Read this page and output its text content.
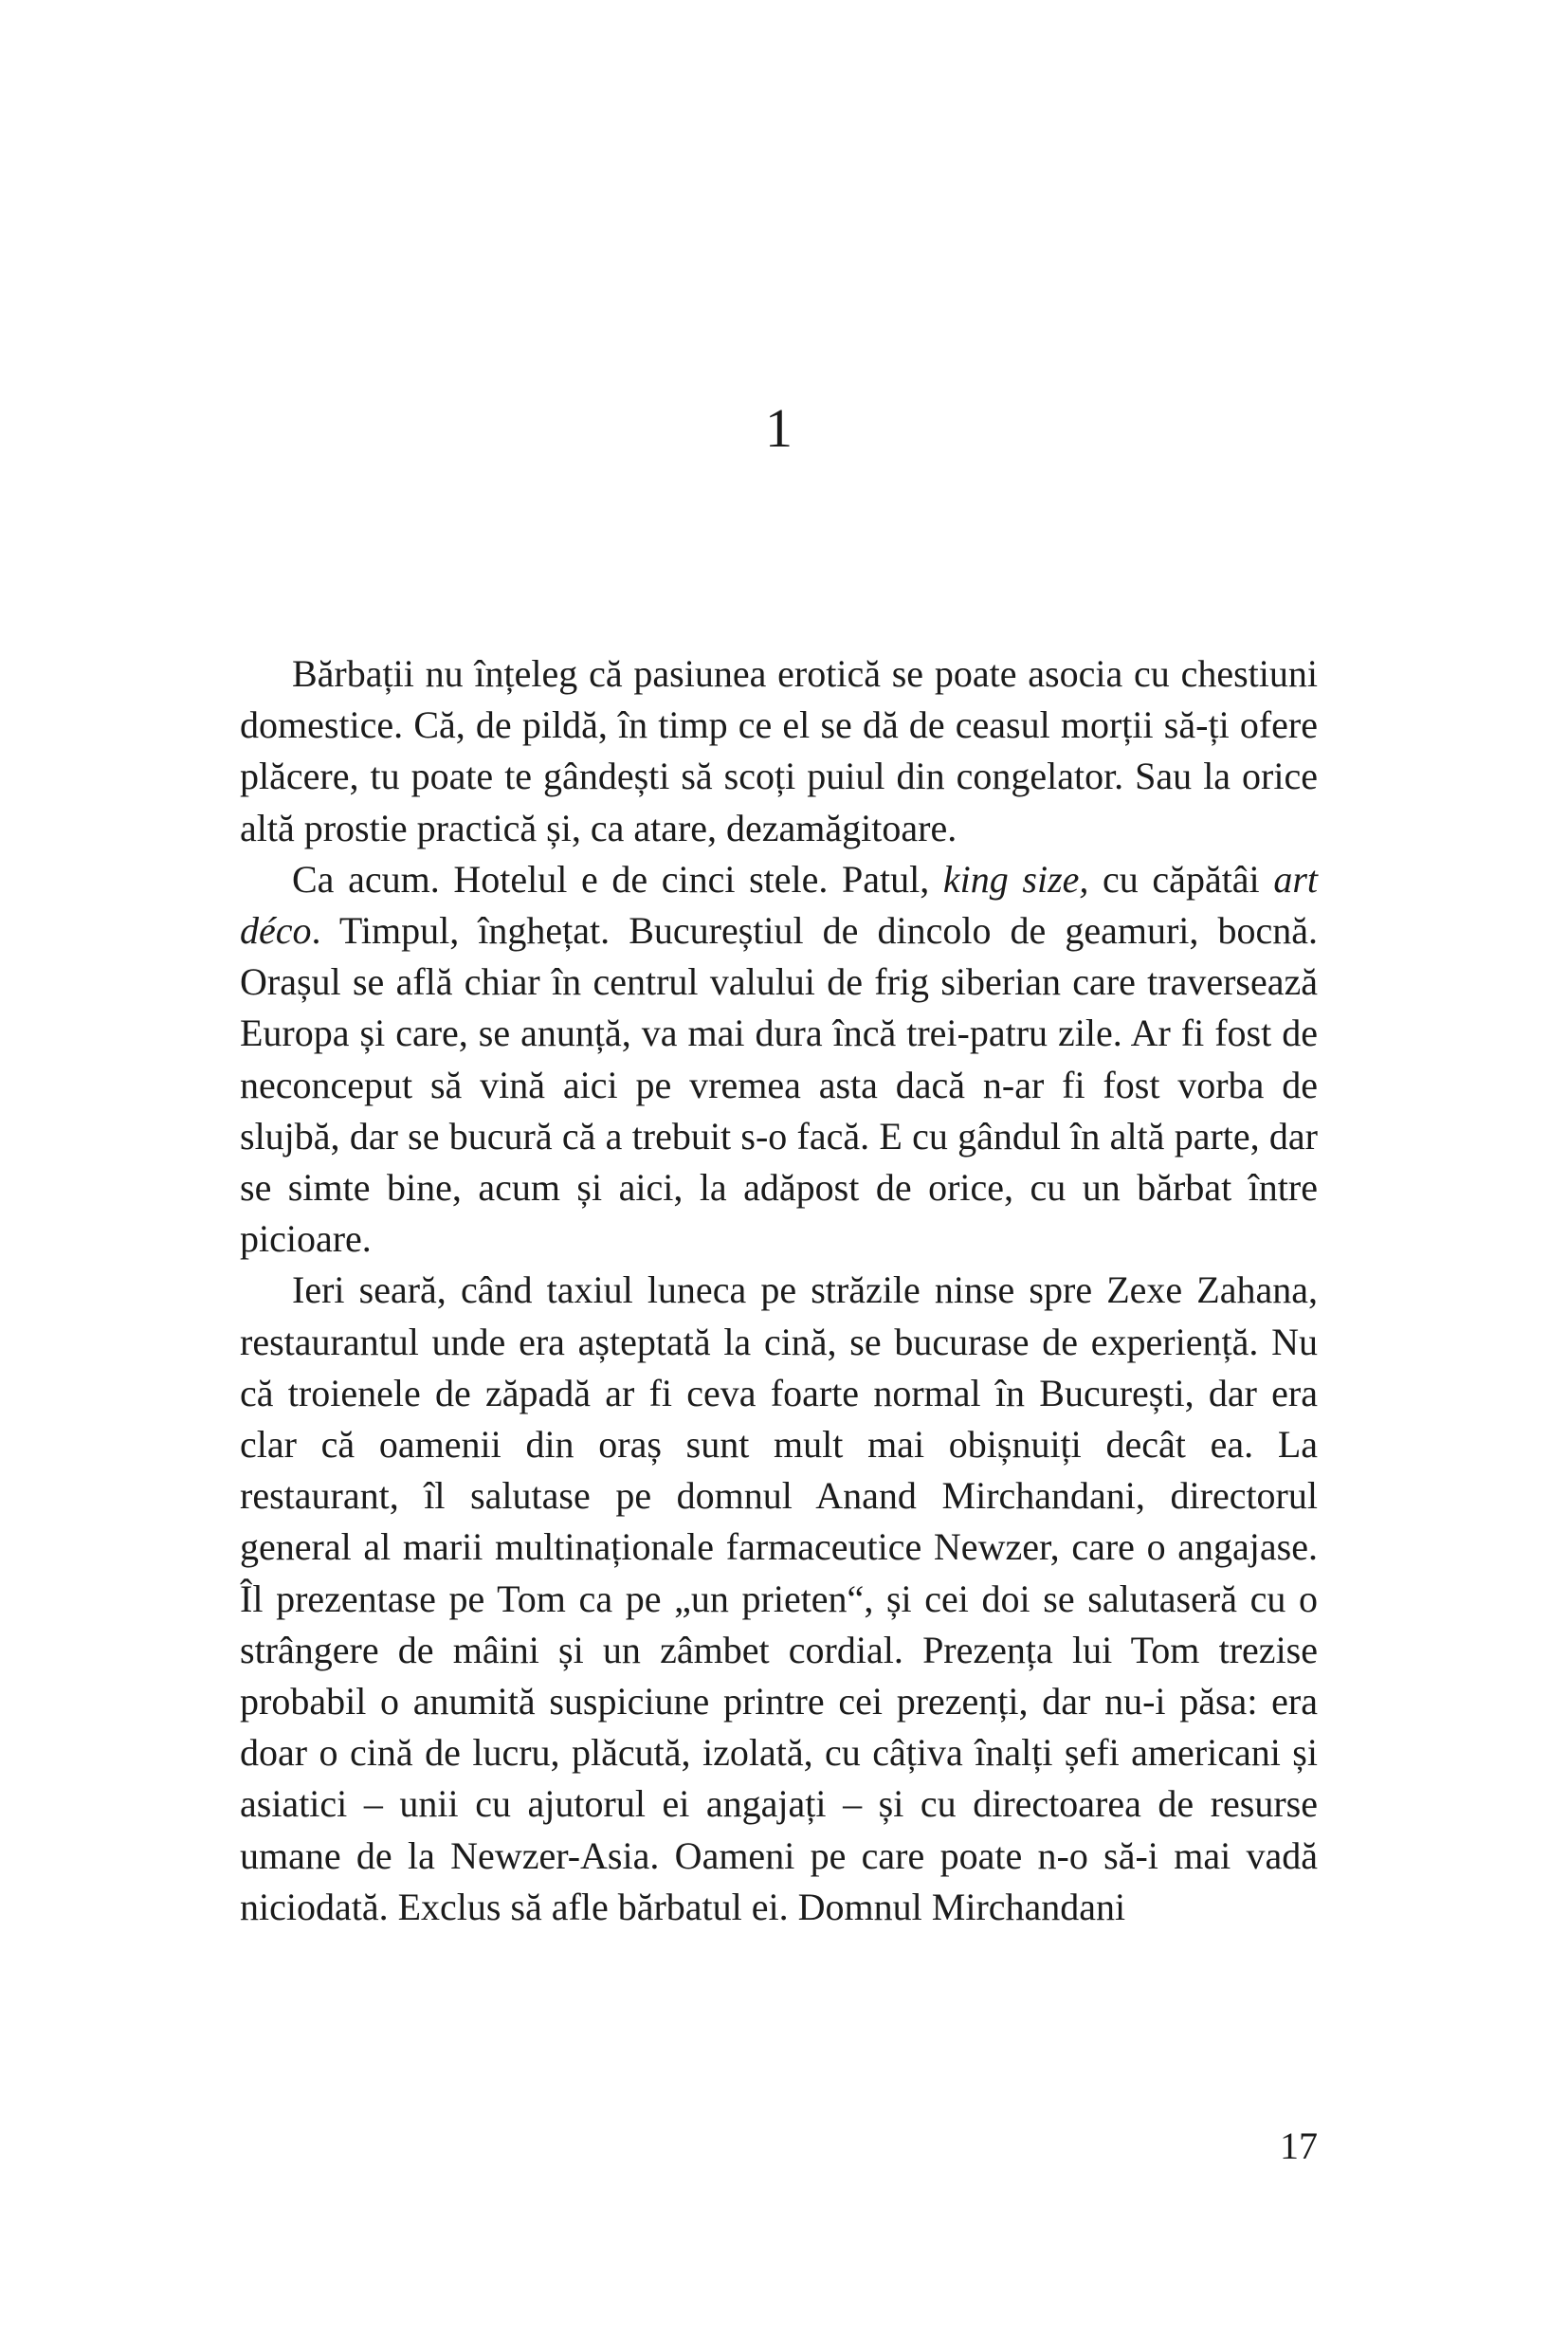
1

Bărbații nu înțeleg că pasiunea erotică se poate asocia cu chestiuni domestice. Că, de pildă, în timp ce el se dă de ceasul morții să-ți ofere plăcere, tu poate te gândești să scoți puiul din congelator. Sau la orice altă prostie practică și, ca atare, dezamăgitoare.

Ca acum. Hotelul e de cinci stele. Patul, king size, cu căpătâi art déco. Timpul, înghețat. Bucureștiul de dincolo de geamuri, bocnă. Orașul se află chiar în centrul valului de frig siberian care traversează Europa și care, se anunță, va mai dura încă trei-patru zile. Ar fi fost de neconceput să vină aici pe vremea asta dacă n-ar fi fost vorba de slujbă, dar se bucură că a trebuit s-o facă. E cu gândul în altă parte, dar se simte bine, acum și aici, la adăpost de orice, cu un bărbat între picioare.

Ieri seară, când taxiul luneca pe străzile ninse spre Zexe Zahana, restaurantul unde era așteptată la cină, se bucurase de experiență. Nu că troienele de zăpadă ar fi ceva foarte normal în București, dar era clar că oamenii din oraș sunt mult mai obișnuiți decât ea. La restaurant, îl salutase pe domnul Anand Mirchandani, directorul general al marii multinaționale farmaceutice Newzer, care o angajase. Îl prezentase pe Tom ca pe „un prieten“, și cei doi se salutaseră cu o strângere de mâini și un zâmbet cordial. Prezența lui Tom trezise probabil o anumită suspiciune printre cei prezenți, dar nu-i păsa: era doar o cină de lucru, plăcută, izolată, cu câțiva înalți șefi americani și asiatici – unii cu ajutorul ei angajați – și cu directoarea de resurse umane de la Newzer-Asia. Oameni pe care poate n-o să-i mai vadă niciodată. Exclus să afle bărbatul ei. Domnul Mirchandani

17
